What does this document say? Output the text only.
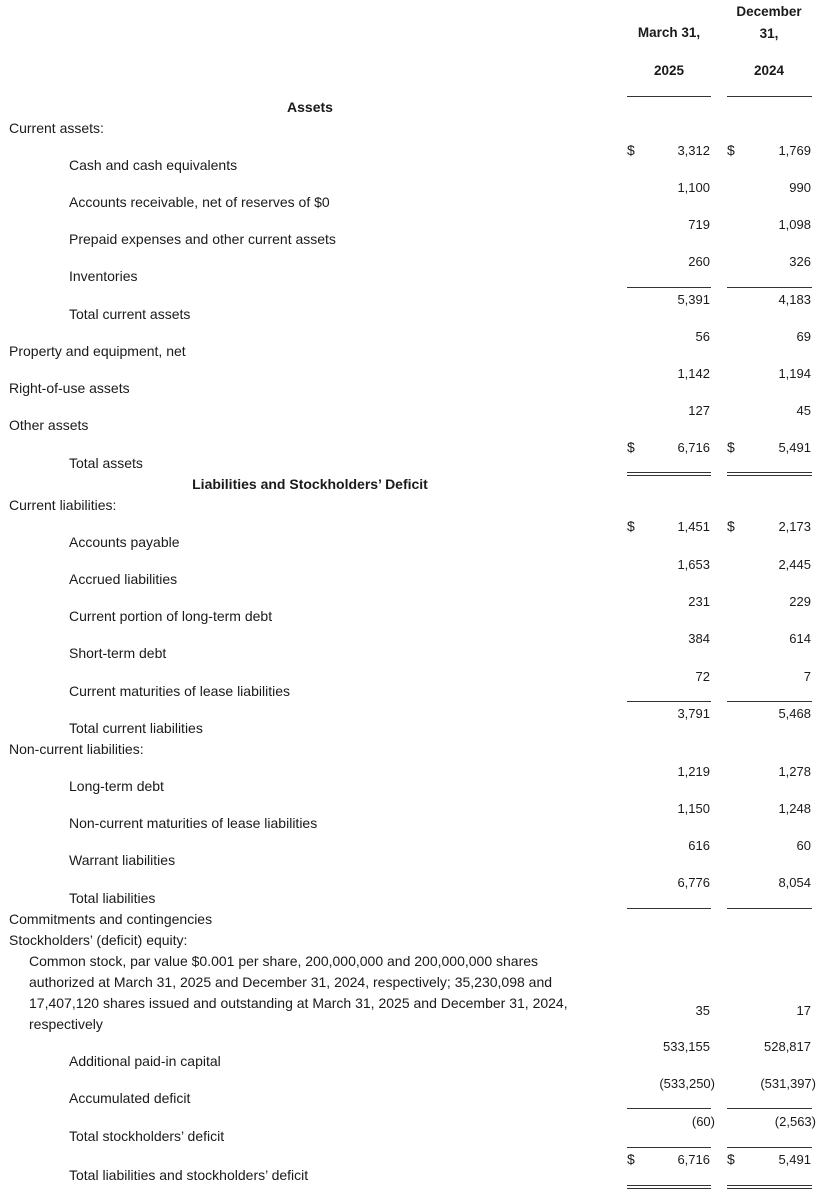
March 31,
2025
December
31,
2024
Assets
Current assets:
Liabilities and Stockholders’ Deficit
Current liabilities:
Non-current liabilities:
Commitments and contingencies
Stockholders’ (deficit) equity:
Cash and cash equivalents
$	3,312 $	1,769
Accounts receivable, net of reserves of $0
1,100	990
Prepaid expenses and other current assets
719	1,098
Inventories
260	326
Total current assets
5,391	4,183
Property and equipment, net
56	69
Right-of-use assets
1,142	1,194
Other assets
127	45
Total assets
$	6,716 $	5,491
Accounts payable
$	1,451 $	2,173
Accrued liabilities
1,653	2,445
Current portion of long-term debt
231	229
Short-term debt
384	614
Current maturities of lease liabilities
72	7
Total current liabilities
3,791	5,468
Long-term debt
1,219	1,278
Non-current maturities of lease liabilities
1,150	1,248
Warrant liabilities
616	60
Total liabilities
6,776	8,054
Common stock, par value $0.001 per share, 200,000,000 and 200,000,000 shares authorized at March 31, 2025 and December 31, 2024, respectively; 35,230,098 and 17,407,120 shares issued and outstanding at March 31, 2025 and December 31, 2024, respectively
35	17
Additional paid-in capital
533,155	528,817
Accumulated deficit
(533,250)	(531,397)
Total stockholders’ deficit
(60)	(2,563)
Total liabilities and stockholders’ deficit
$	6,716 $	5,491
